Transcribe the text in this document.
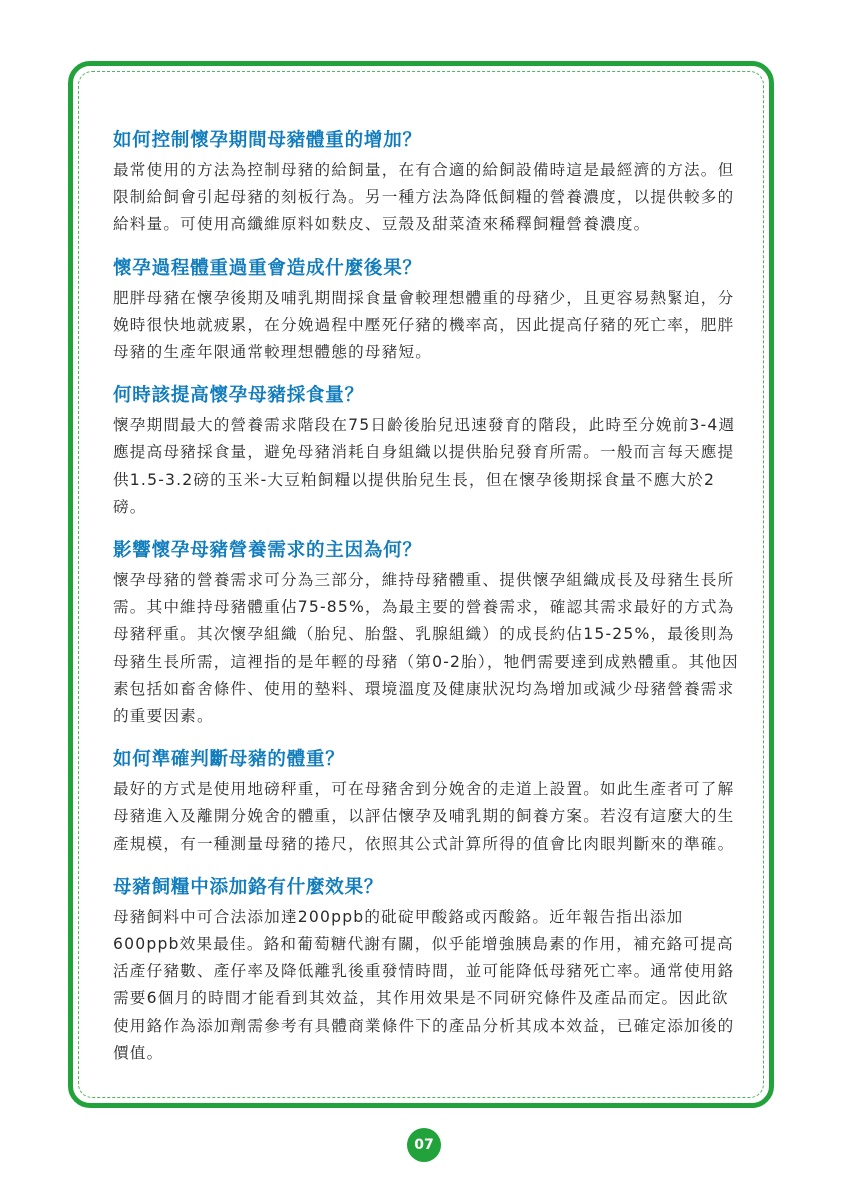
如何控制懷孕期間母豬體重的增加？

最常使用的方法為控制母豬的給飼量，在有合適的給飼設備時這是最經濟的方法。但限制給飼會引起母豬的刻板行為。另一種方法為降低飼糧的營養濃度，以提供較多的給料量。可使用高纖維原料如麩皮、豆殼及甜菜渣來稀釋飼糧營養濃度。

懷孕過程體重過重會造成什麼後果？

肥胖母豬在懷孕後期及哺乳期間採食量會較理想體重的母豬少，且更容易熱緊迫，分娩時很快地就疲累，在分娩過程中壓死仔豬的機率高，因此提高仔豬的死亡率，肥胖母豬的生產年限通常較理想體態的母豬短。

何時該提高懷孕母豬採食量？

懷孕期間最大的營養需求階段在75日齡後胎兒迅速發育的階段，此時至分娩前3-4週應提高母豬採食量，避免母豬消耗自身組織以提供胎兒發育所需。一般而言每天應提供1.5-3.2磅的玉米-大豆粕飼糧以提供胎兒生長，但在懷孕後期採食量不應大於2磅。

影響懷孕母豬營養需求的主因為何？

懷孕母豬的營養需求可分為三部分，維持母豬體重、提供懷孕組織成長及母豬生長所需。其中維持母豬體重佔75-85%，為最主要的營養需求，確認其需求最好的方式為母豬秤重。其次懷孕組織（胎兒、胎盤、乳腺組織）的成長約佔15-25%，最後則為母豬生長所需，這裡指的是年輕的母豬（第0-2胎），牠們需要達到成熟體重。其他因素包括如畜舍條件、使用的墊料、環境溫度及健康狀況均為增加或減少母豬營養需求的重要因素。

如何準確判斷母豬的體重？

最好的方式是使用地磅秤重，可在母豬舍到分娩舍的走道上設置。如此生產者可了解母豬進入及離開分娩舍的體重，以評估懷孕及哺乳期的飼養方案。若沒有這麼大的生產規模，有一種測量母豬的捲尺，依照其公式計算所得的值會比肉眼判斷來的準確。

母豬飼糧中添加鉻有什麼效果？

母豬飼料中可合法添加達200ppb的砒碇甲酸鉻或丙酸鉻。近年報告指出添加600ppb效果最佳。鉻和葡萄糖代謝有關，似乎能增強胰島素的作用，補充鉻可提高活產仔豬數、產仔率及降低離乳後重發情時間，並可能降低母豬死亡率。通常使用鉻需要6個月的時間才能看到其效益，其作用效果是不同研究條件及產品而定。因此欲使用鉻作為添加劑需參考有具體商業條件下的產品分析其成本效益，已確定添加後的價值。

07
